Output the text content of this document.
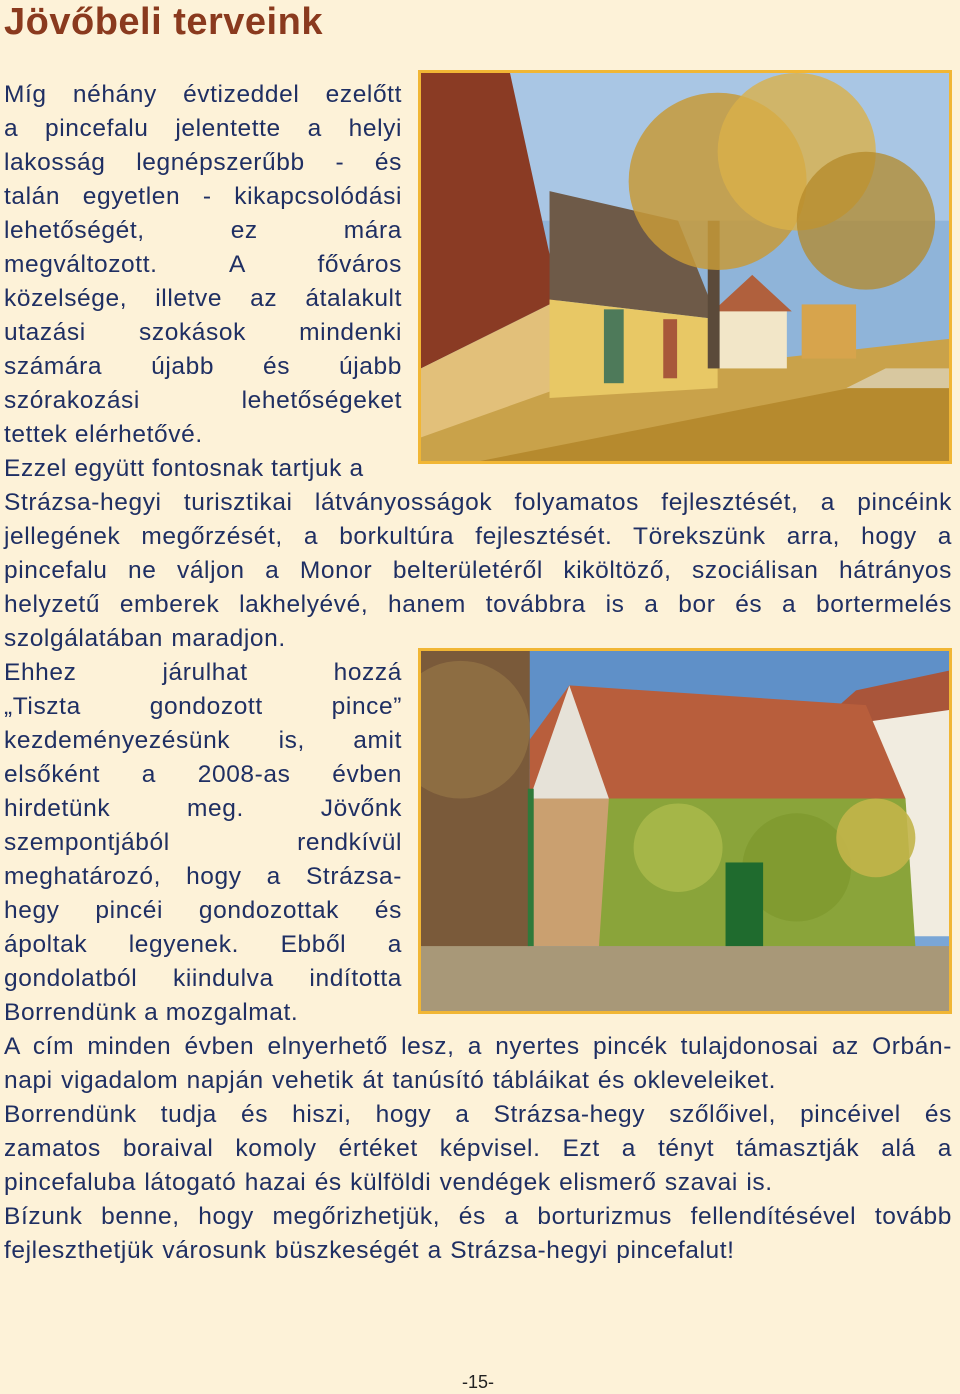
Jövőbeli terveink
Míg néhány évtizeddel ezelőtt
a pincefalu jelentette a helyi
lakosság legnépszerűbb - és
talán egyetlen - kikapcsolódási
lehetőségét, ez mára
megváltozott. A főváros
közelsége, illetve az átalakult
utazási szokások mindenki
számára újabb és újabb
szórakozási lehetőségeket
tettek elérhetővé.
Ezzel együtt fontosnak tartjuk a
Strázsa-hegyi turisztikai látványosságok folyamatos fejlesztését, a pincéink
jellegének megőrzését, a borkultúra fejlesztését. Törekszünk arra, hogy a
pincefalu ne váljon a Monor belterületéről kiköltöző, szociálisan hátrányos
helyzetű emberek lakhelyévé, hanem továbbra is a bor és a bortermelés
szolgálatában maradjon.
Ehhez járulhat hozzá
„Tiszta gondozott pince”
kezdeményezésünk is, amit
elsőként a 2008-as évben
hirdetünk meg. Jövőnk
szempontjából rendkívül
meghatározó, hogy a Strázsa-
hegy pincéi gondozottak és
ápoltak legyenek. Ebből a
gondolatból kiindulva indította
Borrendünk a mozgalmat.
A cím minden évben elnyerhető lesz, a nyertes pincék tulajdonosai az Orbán-
napi vigadalom napján vehetik át tanúsító tábláikat és okleveleiket.
Borrendünk tudja és hiszi, hogy a Strázsa-hegy szőlőivel, pincéivel és
zamatos boraival komoly értéket képvisel. Ezt a tényt támasztják alá a
pincefaluba látogató hazai és külföldi vendégek elismerő szavai is.
Bízunk benne, hogy megőrizhetjük, és a borturizmus fellendítésével tovább
fejleszthetjük városunk büszkeségét a Strázsa-hegyi pincefalut!
-15-
